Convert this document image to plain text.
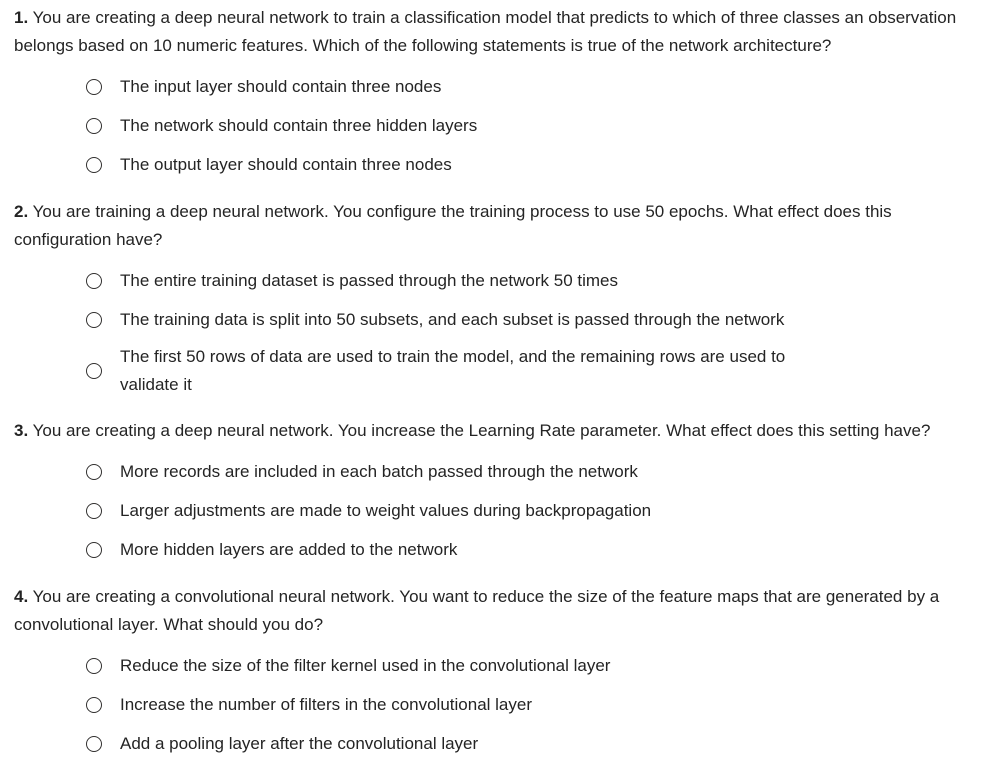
1. You are creating a deep neural network to train a classification model that predicts to which of three classes an observation belongs based on 10 numeric features. Which of the following statements is true of the network architecture?

The input layer should contain three nodes
The network should contain three hidden layers
The output layer should contain three nodes

2. You are training a deep neural network. You configure the training process to use 50 epochs. What effect does this configuration have?

The entire training dataset is passed through the network 50 times
The training data is split into 50 subsets, and each subset is passed through the network
The first 50 rows of data are used to train the model, and the remaining rows are used to validate it

3. You are creating a deep neural network. You increase the Learning Rate parameter. What effect does this setting have?

More records are included in each batch passed through the network
Larger adjustments are made to weight values during backpropagation
More hidden layers are added to the network

4. You are creating a convolutional neural network. You want to reduce the size of the feature maps that are generated by a convolutional layer. What should you do?

Reduce the size of the filter kernel used in the convolutional layer
Increase the number of filters in the convolutional layer
Add a pooling layer after the convolutional layer
